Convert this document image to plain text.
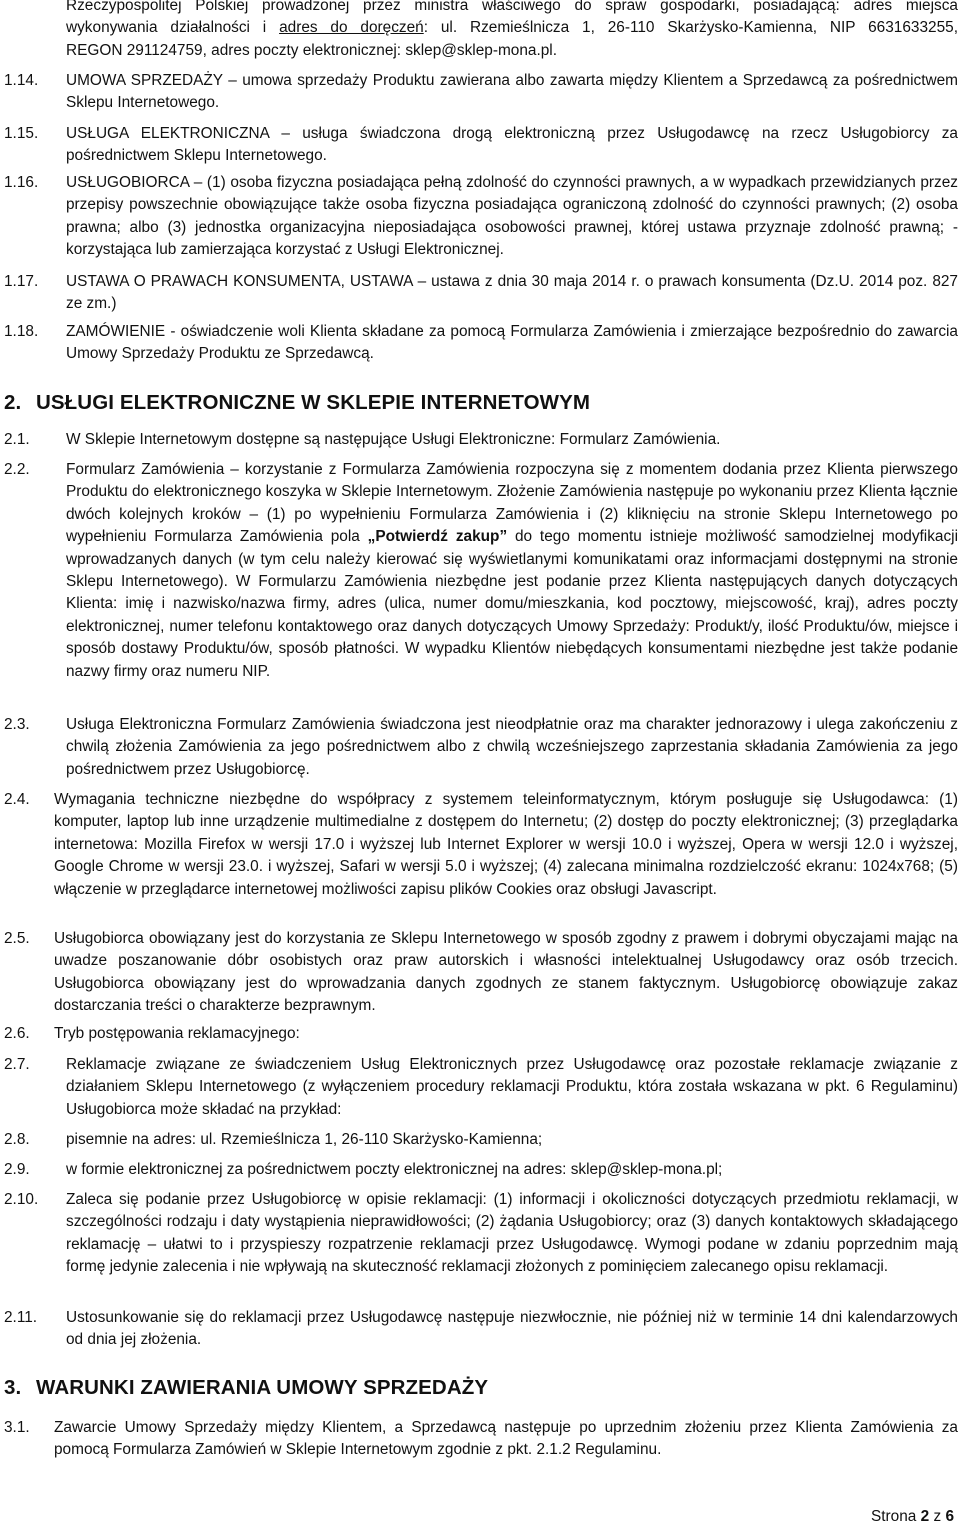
Rzeczypospolitej Polskiej prowadzonej przez ministra właściwego do spraw gospodarki, posiadającą: adres miejsca
wykonywania działalności i adres do doręczeń: ul. Rzemieślnicza 1, 26-110 Skarżysko-Kamienna, NIP 6631633255,
REGON 291124759, adres poczty elektronicznej: sklep@sklep-mona.pl.
1.14.	UMOWA SPRZEDAŻY – umowa sprzedaży Produktu zawierana albo zawarta między Klientem a Sprzedawcą za pośrednictwem Sklepu Internetowego.
1.15.	USŁUGA ELEKTRONICZNA – usługa świadczona drogą elektroniczną przez Usługodawcę na rzecz Usługobiorcy za pośrednictwem Sklepu Internetowego.
1.16.	USŁUGOBIORCA – (1) osoba fizyczna posiadająca pełną zdolność do czynności prawnych, a w wypadkach przewidzianych przez przepisy powszechnie obowiązujące także osoba fizyczna posiadająca ograniczoną zdolność do czynności prawnych; (2) osoba prawna; albo (3) jednostka organizacyjna nieposiadająca osobowości prawnej, której ustawa przyznaje zdolność prawną; - korzystająca lub zamierzająca korzystać z Usługi Elektronicznej.
1.17.	USTAWA O PRAWACH KONSUMENTA, USTAWA – ustawa z dnia 30 maja 2014 r. o prawach konsumenta (Dz.U. 2014 poz. 827 ze zm.)
1.18.	ZAMÓWIENIE - oświadczenie woli Klienta składane za pomocą Formularza Zamówienia i zmierzające bezpośrednio do zawarcia Umowy Sprzedaży Produktu ze Sprzedawcą.
2. USŁUGI ELEKTRONICZNE W SKLEPIE INTERNETOWYM
2.1.	W Sklepie Internetowym dostępne są następujące Usługi Elektroniczne: Formularz Zamówienia.
2.2.	Formularz Zamówienia – korzystanie z Formularza Zamówienia rozpoczyna się z momentem dodania przez Klienta pierwszego Produktu do elektronicznego koszyka w Sklepie Internetowym. Złożenie Zamówienia następuje po wykonaniu przez Klienta łącznie dwóch kolejnych kroków – (1) po wypełnieniu Formularza Zamówienia i (2) kliknięciu na stronie Sklepu Internetowego po wypełnieniu Formularza Zamówienia pola „Potwierdź zakup” do tego momentu istnieje możliwość samodzielnej modyfikacji wprowadzanych danych (w tym celu należy kierować się wyświetlanymi komunikatami oraz informacjami dostępnymi na stronie Sklepu Internetowego). W Formularzu Zamówienia niezbędne jest podanie przez Klienta następujących danych dotyczących Klienta: imię i nazwisko/nazwa firmy, adres (ulica, numer domu/mieszkania, kod pocztowy, miejscowość, kraj), adres poczty elektronicznej, numer telefonu kontaktowego oraz danych dotyczących Umowy Sprzedaży: Produkt/y, ilość Produktu/ów, miejsce i sposób dostawy Produktu/ów, sposób płatności. W wypadku Klientów niebędących konsumentami niezbędne jest także podanie nazwy firmy oraz numeru NIP.
2.3.	Usługa Elektroniczna Formularz Zamówienia świadczona jest nieodpłatnie oraz ma charakter jednorazowy i ulega zakończeniu z chwilą złożenia Zamówienia za jego pośrednictwem albo z chwilą wcześniejszego zaprzestania składania Zamówienia za jego pośrednictwem przez Usługobiorcę.
2.4.	Wymagania techniczne niezbędne do współpracy z systemem teleinformatycznym, którym posługuje się Usługodawca: (1) komputer, laptop lub inne urządzenie multimedialne z dostępem do Internetu; (2) dostęp do poczty elektronicznej; (3) przeglądarka internetowa: Mozilla Firefox w wersji 17.0 i wyższej lub Internet Explorer w wersji 10.0 i wyższej, Opera w wersji 12.0 i wyższej, Google Chrome w wersji 23.0. i wyższej, Safari w wersji 5.0 i wyższej; (4) zalecana minimalna rozdzielczość ekranu: 1024x768; (5) włączenie w przeglądarce internetowej możliwości zapisu plików Cookies oraz obsługi Javascript.
2.5.	Usługobiorca obowiązany jest do korzystania ze Sklepu Internetowego w sposób zgodny z prawem i dobrymi obyczajami mając na uwadze poszanowanie dóbr osobistych oraz praw autorskich i własności intelektualnej Usługodawcy oraz osób trzecich. Usługobiorca obowiązany jest do wprowadzania danych zgodnych ze stanem faktycznym. Usługobiorcę obowiązuje zakaz dostarczania treści o charakterze bezprawnym.
2.6.	Tryb postępowania reklamacyjnego:
2.7.	Reklamacje związane ze świadczeniem Usług Elektronicznych przez Usługodawcę oraz pozostałe reklamacje związanie z działaniem Sklepu Internetowego (z wyłączeniem procedury reklamacji Produktu, która została wskazana w pkt. 6 Regulaminu) Usługobiorca może składać na przykład:
2.8.	pisemnie na adres: ul. Rzemieślnicza 1, 26-110 Skarżysko-Kamienna;
2.9.	w formie elektronicznej za pośrednictwem poczty elektronicznej na adres: sklep@sklep-mona.pl;
2.10.	Zaleca się podanie przez Usługobiorcę w opisie reklamacji: (1) informacji i okoliczności dotyczących przedmiotu reklamacji, w szczególności rodzaju i daty wystąpienia nieprawidłowości; (2) żądania Usługobiorcy; oraz (3) danych kontaktowych składającego reklamację – ułatwi to i przyspieszy rozpatrzenie reklamacji przez Usługodawcę. Wymogi podane w zdaniu poprzednim mają formę jedynie zalecenia i nie wpływają na skuteczność reklamacji złożonych z pominięciem zalecanego opisu reklamacji.
2.11.	Ustosunkowanie się do reklamacji przez Usługodawcę następuje niezwłocznie, nie później niż w terminie 14 dni kalendarzowych od dnia jej złożenia.
3. WARUNKI ZAWIERANIA UMOWY SPRZEDAŻY
3.1.	Zawarcie Umowy Sprzedaży między Klientem, a Sprzedawcą następuje po uprzednim złożeniu przez Klienta Zamówienia za pomocą Formularza Zamówień w Sklepie Internetowym zgodnie z pkt. 2.1.2 Regulaminu.
Strona 2 z 6
